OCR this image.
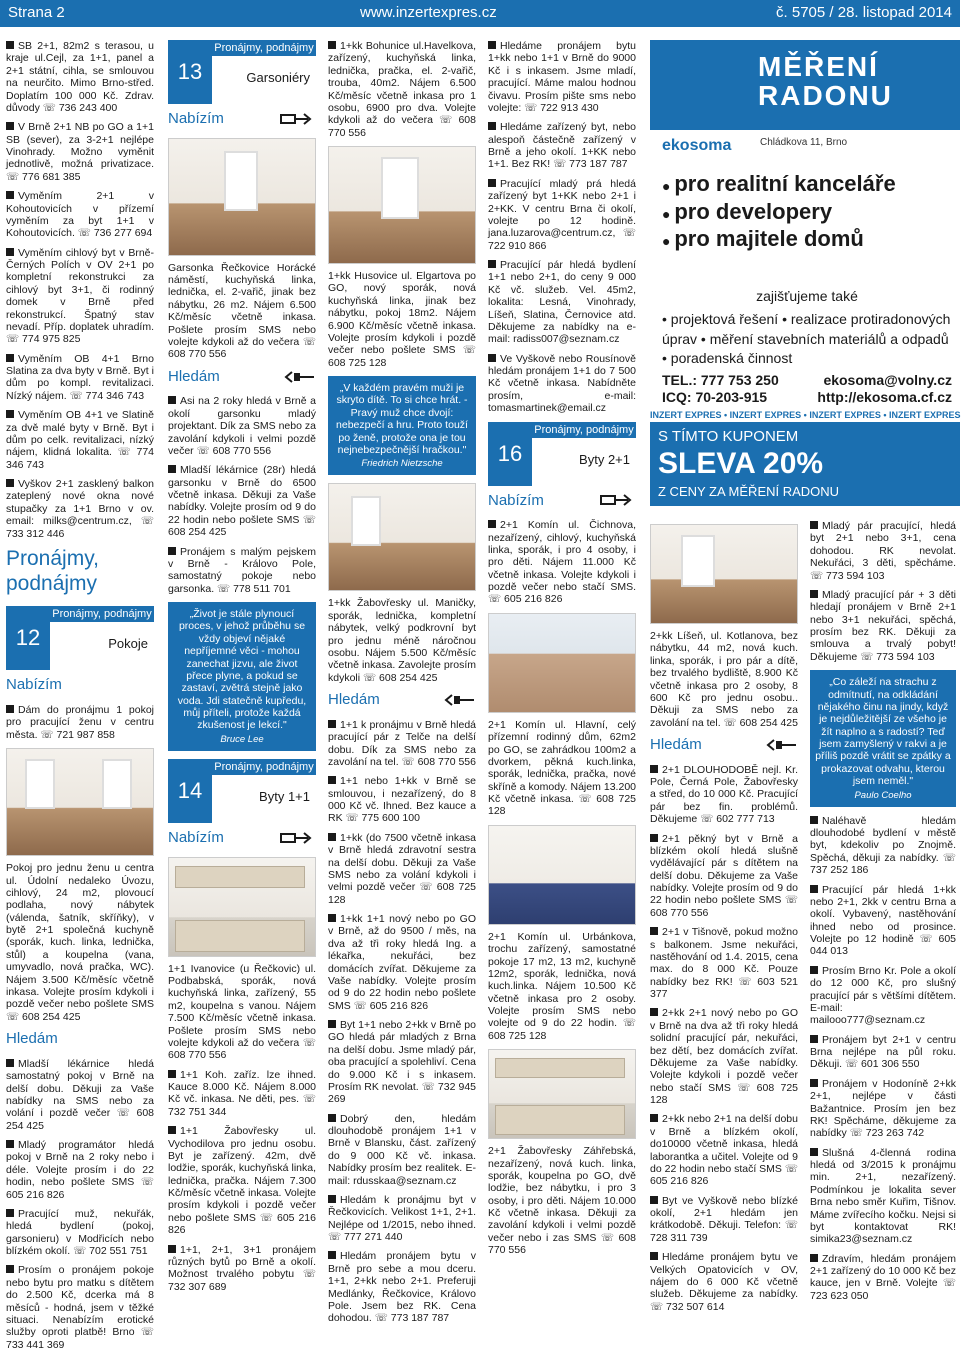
Strana 2	www.inzertexpres.cz	č. 5705 / 28. listopad 2014
SB 2+1, 82m2 s terasou, u kraje ul.Cejl, za 1+1, panel a 2+1 státní, cihla, se smlouvou na neurčito. Mimo Brno-střed. Doplatím 100 000 Kč. Zdrav. důvody ☏ 736 243 400
V Brně 2+1 NB po GO a 1+1 SB (sever), za 3-2+1 nejlépe Vinohrady. Možno vyměnit jednotlivě, možná privatizace. ☏ 776 681 385
Vyměním 2+1 v Kohoutovicích v přízemí vyměním za byt 1+1 v Kohoutovicích. ☏ 736 277 694
Vyměním cihlový byt v Brně-Černých Polích v OV 2+1 po kompletní rekonstrukci za cihlový byt 3+1, či rodinný domek v Brně před rekonstrukcí. Špatný stav nevadí. Příp. doplatek uhradím. ☏ 774 975 825
Vyměním OB 4+1 Brno Slatina za dva byty v Brně. Byt i dům po kompl. revitalizaci. Nízký nájem. ☏ 774 346 743
Vyměním OB 4+1 ve Slatině za dvě malé byty v Brně. Byt i dům po celk. revitalizaci, nízký nájem, klidná lokalita. ☏ 774 346 743
Vyškov 2+1 zasklený balkon zateplený nové okna nové stupačky za 1+1 Brno v ov. email: milks@centrum.cz, ☏ 733 312 446
Pronájmy, podnájmy
12
Pronájmy, podnájmy
Pokoje
Nabízím
Dám do pronájmu 1 pokoj pro pracující ženu v centru města. ☏ 721 987 858
Pokoj pro jednu ženu u centra ul. Údolní nedaleko Úvozu, cihlový, 24 m2, plovoucí podlaha, nový nábytek (válenda, šatník, skříňky), v bytě 2+1 společná kuchyně (sporák, kuch. linka, lednička, stůl) a koupelna (vana, umyvadlo, nová pračka, WC). Nájem 3.500 Kč/měsíc včetně inkasa. Volejte prosím kdykoli i pozdě večer nebo pošlete SMS ☏ 608 254 425
Hledám
Mladší lékárnice hledá samostatný pokoj v Brně na delší dobu. Děkuji za Vaše nabídky na SMS nebo za volání i pozdě večer ☏ 608 254 425
Mladý programátor hledá pokoj v Brně na 2 roky nebo i déle. Volejte prosím i do 22 hodin, nebo pošlete SMS ☏ 605 216 826
Pracující muž, nekuřák, hledá bydlení (pokoj, garsonieru) v Modřicích nebo blízkém okolí. ☏ 702 551 751
Prosím o pronájem pokoje nebo bytu pro matku s dítětem do 2.500 Kč, dcerka má 8 měsíců - hodná, jsem v těžké situaci. Nenabízím erotické služby oproti platbě! Brno ☏ 733 441 369
13
Pronájmy, podnájmy
Garsoniéry
Nabízím
Garsonka Řečkovice Horácké náměstí, kuchyňská linka, lednička, el. 2-vařič, jinak bez nábytku, 26 m2. Nájem 6.500 Kč/měsíc včetně inkasa. Pošlete prosím SMS nebo volejte kdykoli až do večera ☏ 608 770 556
Hledám
Asi na 2 roky hledá v Brně a okolí garsonku mladý projektant. Dík za SMS nebo za zavolání kdykoli i velmi pozdě večer ☏ 608 770 556
Mladší lékárnice (28r) hledá garsonku v Brně do 6500 včetně inkasa. Děkuji za Vaše nabídky. Volejte prosím od 9 do 22 hodin nebo pošlete SMS ☏ 608 254 425
Pronájem s malým pejskem v Brně - Královo Pole, samostatný pokoje nebo garsonka. ☏ 778 511 701
„Život je stále plynoucí proces, v jehož průběhu se vždy objeví nějaké nepříjemné věci - mohou zanechat jizvu, ale život přece plyne, a pokud se zastaví, zvětrá stejně jako voda. Jdi statečně kupředu, můj příteli, protože každá zkušenost je lekcí."
Bruce Lee
14
Pronájmy, podnájmy
Byty 1+1
Nabízím
1+1 Ivanovice (u Řečkovic) ul. Podbabská, sporák, nová kuchyňská linka, zařízený, 55 m2, koupelna s vanou. Nájem 7.500 Kč/měsíc včetně inkasa. Pošlete prosím SMS nebo volejte kdykoli až do večera ☏ 608 770 556
1+1 Koh. zaříz. lze ihned. Kauce 8.000 Kč. Nájem 8.000 Kč vč. inkasa. Ne děti, pes. ☏ 732 751 344
1+1 Žabovřesky ul. Vychodilova pro jednu osobu. Byt je zařízený. 42m, dvě lodžie, sporák, kuchyňská linka, lednička, pračka. Nájem 7.300 Kč/měsíc včetně inkasa. Volejte prosím kdykoli i pozdě večer nebo pošlete SMS ☏ 605 216 826
1+1, 2+1, 3+1 pronájem různých bytů po Brně a okolí. Možnost trvalého pobytu ☏ 732 307 689
1+kk Bohunice ul.Havelkova, zařízený, kuchyňská linka, lednička, pračka, el. 2-vařič, trouba, 40m2. Nájem 6.500 Kč/měsíc včetně inkasa pro 1 osobu, 6900 pro dva. Volejte kdykoli až do večera ☏ 608 770 556
1+kk Husovice ul. Elgartova po GO, nový sporák, nová kuchyňská linka, jinak bez nábytku, pokoj 18m2. Nájem 6.900 Kč/měsíc včetně inkasa. Volejte prosím kdykoli i pozdě večer nebo pošlete SMS ☏ 608 725 128
„V každém pravém muži je skryto dítě. To si chce hrát. - Pravý muž chce dvojí: nebezpečí a hru. Proto touží po ženě, protože ona je tou nejnebezpečnější hračkou."
Friedrich Nietzsche
1+kk Žabovřesky ul. Maničky, sporák, lednička, kompletní nábytek, velký podkrovní byt pro jednu méně náročnou osobu. Nájem 5.500 Kč/měsíc včetně inkasa. Zavolejte prosím kdykoli ☏ 608 254 425
Hledám
1+1 k pronájmu v Brně hledá pracující pár z Telče na delší dobu. Dík za SMS nebo za zavolání na tel. ☏ 608 770 556
1+1 nebo 1+kk v Brně se smlouvou, i nezařízený, do 8 000 Kč vč. Ihned. Bez kauce a RK ☏ 775 600 100
1+kk (do 7500 včetně inkasa v Brně hledá zdravotní sestra na delší dobu. Děkuji za Vaše SMS nebo za volání kdykoli i velmi pozdě večer ☏ 608 725 128
1+kk 1+1 nový nebo po GO v Brně, až do 9500 / měs, na dva až tři roky hledá Ing. a lékařka, nekuřáci, bez domácích zvířat. Děkujeme za Vaše nabídky. Volejte prosím od 9 do 22 hodin nebo pošlete SMS ☏ 605 216 826
Byt 1+1 nebo 2+kk v Brně po GO hledá pár mladých z Brna na delší dobu. Jsme mladý pár, oba pracující a spolehliví. Cena do 9.000 Kč i s inkasem. Prosím RK nevolat. ☏ 732 945 269
Dobrý den, hledám dlouhodobě pronájem 1+1 v Brně v Blansku, část. zařízený do 9 000 Kč vč. inkasa. Nabídky prosím bez realitek. E-mail: rdusskaa@seznam.cz
Hledám k pronájmu byt v Řečkovicích. Velikost 1+1, 2+1. Nejlépe od 1/2015, nebo ihned. ☏ 777 271 440
Hledám pronájem bytu v Brně pro sebe a mou dceru. 1+1, 2+kk nebo 2+1. Preferuji Medlánky, Řečkovice, Královo Pole. Jsem bez RK. Cena dohodou. ☏ 773 187 787
Hledáme pronájem bytu 1+kk nebo 1+1 v Brně do 9000 Kč i s inkasem. Jsme mladí, pracující. Máme malou hodnou čivavu. Prosím pište sms nebo volejte: ☏ 722 913 430
Hledáme zařízený byt, nebo alespoň částečně zařízený v Brně a jeho okolí. 1+KK nebo 1+1. Bez RK! ☏ 773 187 787
Pracující mladý prá hledá zařízený byt 1+KK nebo 2+1 i 2+KK. V centru Brna či okolí, volejte po 12 hodině. jana.luzarova@centrum.cz, ☏ 722 910 866
Pracující pár hledá bydlení 1+1 nebo 2+1, do ceny 9 000 Kč vč. služeb. Vel. 45m2, lokalita: Lesná, Vinohrady, Líšeň, Slatina, Černovice atd. Děkujeme za nabídky na e-mail: radiss007@seznam.cz
Ve Vyškově nebo Rousínově hledám pronájem 1+1 do 7 500 Kč včetně inkasa. Nabídněte prosím, e-mail: tomasmartinek@email.cz
16
Pronájmy, podnájmy
Byty 2+1
Nabízím
2+1 Komín ul. Čichnova, nezařízený, cihlový, kuchyňská linka, sporák, i pro 4 osoby, i pro děti. Nájem 11.000 Kč včetně inkasa. Volejte kdykoli i pozdě večer nebo stačí SMS. ☏ 605 216 826
2+1 Komín ul. Hlavní, celý přízemní rodinný dům, 62m2 po GO, se zahrádkou 100m2 a dvorkem, pěkná kuch.linka, sporák, lednička, pračka, nové skříně a komody. Nájem 13.200 Kč včetně inkasa. ☏ 608 725 128
2+1 Komín ul. Urbánkova, trochu zařízený, samostatné pokoje 17 m2, 13 m2, kuchyně 12m2, sporák, lednička, nová kuch.linka. Nájem 10.500 Kč včetně inkasa pro 2 osoby. Volejte prosím SMS nebo volejte od 9 do 22 hodin. ☏ 608 725 128
2+1 Žabovřesky Záhřebská, nezařízený, nová kuch. linka, sporák, koupelna po GO, dvě lodžie, bez nábytku, i pro 3 osoby, i pro děti. Nájem 10.000 Kč včetně inkasa. Děkuji za zavolání kdykoli i velmi pozdě večer nebo i zas SMS ☏ 608 770 556
MĚŘENÍ RADONU
ekosoma	Chládkova 11, Brno
● pro realitní kanceláře
● pro developery
● pro majitele domů
zajišťujeme také
• projektová řešení • realizace protiradonových úprav • měření stavebních materiálů a odpadů • poradenská činnost
TEL.: 777 753 250	ekosoma@volny.cz
ICQ: 70-203-915	http://ekosoma.cf.cz
INZERT EXPRES • INZERT EXPRES • INZERT EXPRES • INZERT EXPRES
S TÍMTO KUPONEM
SLEVA 20%
Z CENY ZA MĚŘENÍ RADONU
2+kk Líšeň, ul. Kotlanova, bez nábytku, 44 m2, nová kuch. linka, sporák, i pro pár a dítě, bez trvalého bydliště, 8.900 Kč včetně inkasa pro 2 osoby, 8 600 Kč pro jednu osobu.. Děkuji za SMS nebo za zavolání na tel. ☏ 608 254 425
Hledám
2+1 DLOUHODOBĚ nejl. Kr. Pole, Černá Pole, Žabovřesky a střed, do 10 000 Kč. Pracující pár bez fin. problémů. Děkujeme ☏ 602 777 713
2+1 pěkný byt v Brně a blízkém okolí hledá slušně vydělávající pár s dítětem na delší dobu. Děkujeme za Vaše nabídky. Volejte prosím od 9 do 22 hodin nebo pošlete SMS ☏ 608 770 556
2+1 v Tišnově, pokud možno s balkonem. Jsme nekuřáci, nastěhování od 1.4. 2015, cena max. do 8 000 Kč. Pouze nabídky bez RK! ☏ 603 521 377
2+kk 2+1 nový nebo po GO v Brně na dva až tři roky hledá solidní pracující pár, nekuřáci, bez dětí, bez domácích zvířat. Děkujeme za Vaše nabídky. Volejte kdykoli i pozdě večer nebo stačí SMS ☏ 608 725 128
2+kk nebo 2+1 na delší dobu v Brně a blízkém okolí, do10000 včetně inkasa, hledá laborantka a učitel. Volejte od 9 do 22 hodin nebo stačí SMS ☏ 605 216 826
Byt ve Vyškově nebo blízké okolí, 2+1 hledám jen krátkodobě. Děkuji. Telefon: ☏ 728 311 739
Hledáme pronájem bytu ve Velkých Opatovicích v OV, nájem do 6 000 Kč včetně služeb. Děkujeme za nabídky. ☏ 732 507 614
Mladý pár pracující, hledá byt 2+1 nebo 3+1, cena dohodou. RK nevolat. Nekuřáci, 3 děti, spěcháme. ☏ 773 594 103
Mladý pracující pár + 3 děti hledají pronájem v Brně 2+1 nebo 3+1 nekuřáci, spěchá, prosím bez RK. Děkuji za smlouva a trvalý pobyt! Děkujeme ☏ 773 594 103
„Co záleží na strachu z odmítnutí, na odkládání nějakého činu na jindy, když je nejdůležitější ze všeho je žít naplno a s radostí? Teď jsem zamyšlený v rakvi a je příliš pozdě vrátit se zpátky a prokazovat odvahu, kterou jsem neměl."
Paulo Coelho
Naléhavě hledám dlouhodobé bydlení v městě byt, kdekoliv po Znojmě. Spěchá, děkuji za nabídky. ☏ 737 252 186
Pracující pár hledá 1+kk nebo 2+1, 2kk v centru Brna a okolí. Vybavený, nastěhování ihned nebo od prosince. Volejte po 12 hodině ☏ 605 044 013
Prosím Brno Kr. Pole a okolí do 12 000 Kč, pro slušný pracující pár s většími dítětem. E-mail: mailooo777@seznam.cz
Pronájem byt 2+1 v centru Brna nejlépe na půl roku. Děkuji. ☏ 601 306 550
Pronájem v Hodoníně 2+kk 2+1, nejlépe v části Bažantnice. Prosím jen bez RK! Spěcháme, děkujeme za nabídky ☏ 723 263 742
Slušná 4-členná rodina hledá od 3/2015 k pronájmu min. 2+1, nezařízený. Podmínkou je lokalita sever Brna nebo směr Kuřim, Tišnov. Máme zvířecího kočku. Nejsi si byt kontaktovat RK! simika23@seznam.cz
Zdravím, hledám pronájem 2+1 zařízený do 10 000 Kč bez kauce, jen v Brně. Volejte ☏ 723 623 050
